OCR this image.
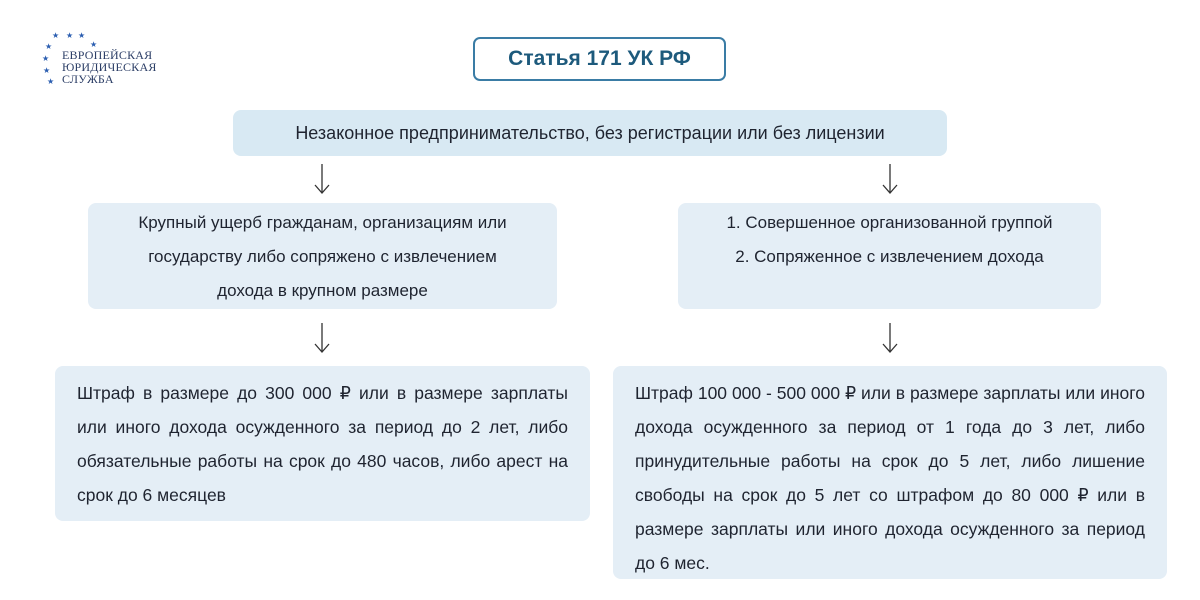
★ ★ ★
★
★
★
★
★
ЕВРОПЕЙСКАЯ
ЮРИДИЧЕСКАЯ
СЛУЖБА
Статья 171 УК РФ
Незаконное предпринимательство, без регистрации или без лицензии
Крупный ущерб гражданам, организациям или
государству либо сопряжено с извлечением
дохода в крупном размере
1. Совершенное организованной группой
2. Сопряженное с извлечением дохода
Штраф в размере до 300 000 ₽ или в размере зарплаты или иного дохода осужденного за период до 2 лет, либо обязательные работы на срок до 480 часов, либо арест на срок до 6 месяцев
Штраф 100 000 - 500 000 ₽ или в размере зарплаты или иного дохода осужденного за период от 1 года до 3 лет, либо принудительные работы на срок до 5 лет, либо лишение свободы на срок до 5 лет со штрафом до 80 000 ₽ или в размере зарплаты или иного дохода осужденного за период до 6 мес.
